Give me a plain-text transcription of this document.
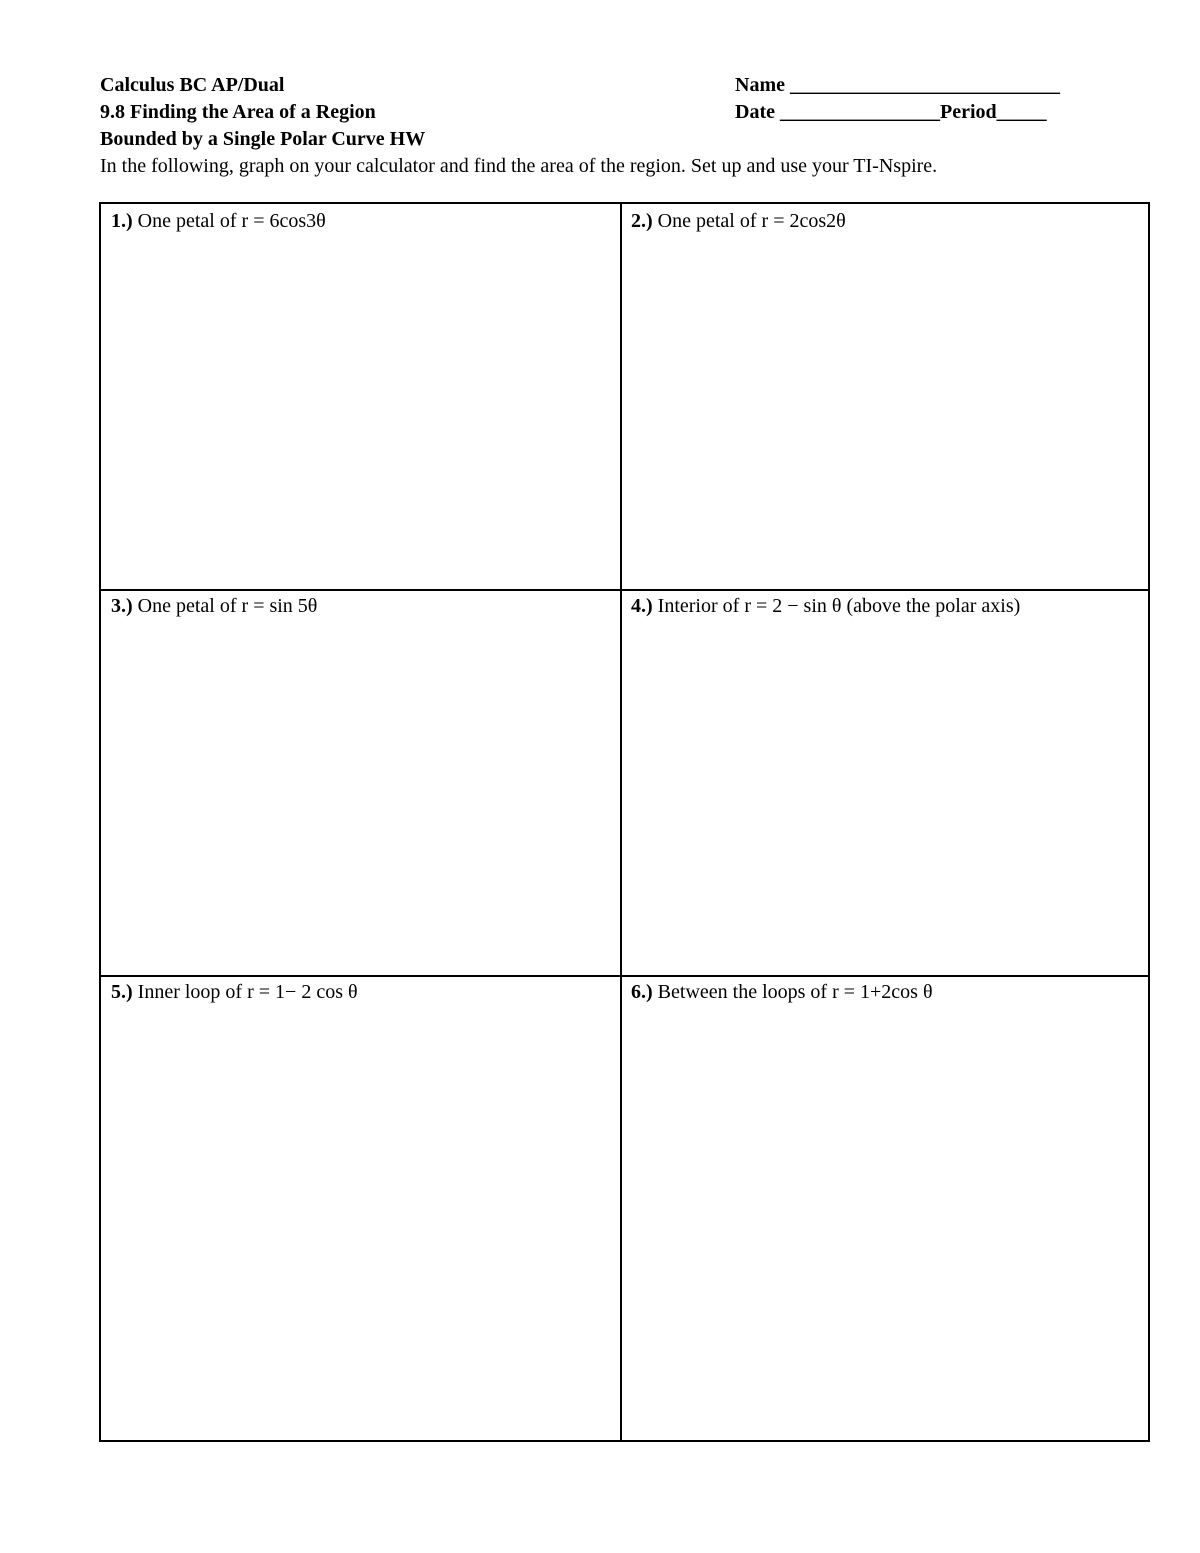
Calculus BC AP/Dual	Name ___________________________
9.8 Finding the Area of a Region	Date ________________Period_____
Bounded by a Single Polar Curve HW
In the following, graph on your calculator and find the area of the region. Set up and use your TI-Nspire.
1.) One petal of r = 6cos3θ	2.) One petal of r = 2cos2θ
3.) One petal of r = sin 5θ	4.) Interior of r = 2 − sin θ (above the polar axis)
5.) Inner loop of r = 1− 2 cos θ	6.) Between the loops of r = 1+2cos θ
